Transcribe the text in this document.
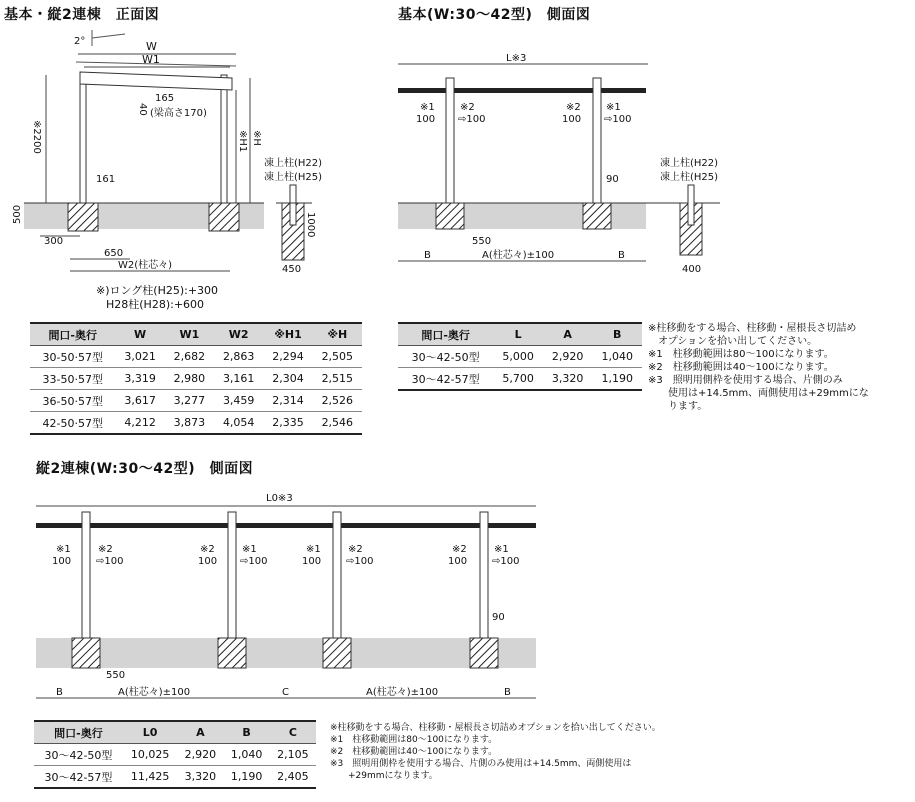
基本・縦2連棟　正面図	基本(W:30〜42型)　側面図
縦2連棟(W:30〜42型)　側面図
2°	W
W1
165
(梁高さ170)
40
※2200	※H1 ※H
161
500
300
650
W2(柱芯々)
凍上柱(H22)
凍上柱(H25)
1000
450
L※3
※1
100
※2
⇨100
※2
100
※1
⇨100
90
550
B	A(柱芯々)±100	B
凍上柱(H22)
凍上柱(H25)
400
L0※3
※1
100
※2
⇨100
※2
100
※1
⇨100
※1
100
※2
⇨100
※2
100
※1
⇨100
90
550
B	A(柱芯々)±100	C	A(柱芯々)±100	B
※)ロング柱(H25):+300
H28柱(H28):+600
間口-奥行	W	W1	W2	※H1	※H
30-50·57型	3,021	2,682	2,863	2,294	2,505
33-50·57型	3,319	2,980	3,161	2,304	2,515
36-50·57型	3,617	3,277	3,459	2,314	2,526
42-50·57型	4,212	3,873	4,054	2,335	2,546
間口-奥行	L	A	B
30〜42-50型	5,000	2,920	1,040
30〜42-57型	5,700	3,320	1,190
※柱移動をする場合、柱移動・屋根長さ切詰め
　オプションを拾い出してください。
※1　柱移動範囲は80〜100になります。
※2　柱移動範囲は40〜100になります。
※3　照明用側枠を使用する場合、片側のみ
　　使用は+14.5mm、両側使用は+29mmにな
　　ります。
間口-奥行	L0	A	B	C
30〜42-50型	10,025	2,920	1,040	2,105
30〜42-57型	11,425	3,320	1,190	2,405
※柱移動をする場合、柱移動・屋根長さ切詰めオプションを拾い出してください。
※1　柱移動範囲は80〜100になります。
※2　柱移動範囲は40〜100になります。
※3　照明用側枠を使用する場合、片側のみ使用は+14.5mm、両側使用は
　　+29mmになります。
